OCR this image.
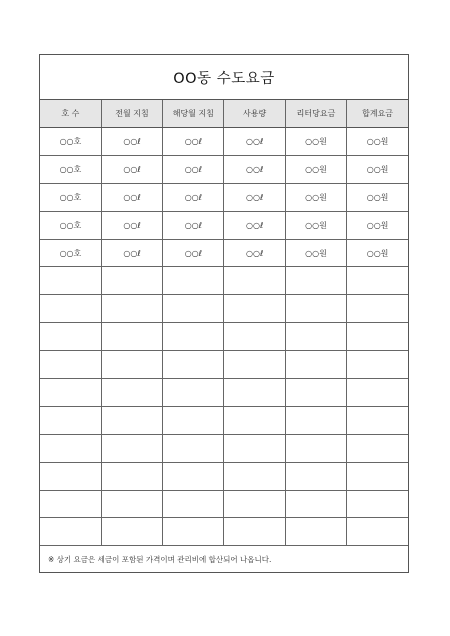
OO동 수도요금
호 수	전월 지침	해당월 지침	사용량	리터당요금	합계요금
○○호	○○ℓ	○○ℓ	○○ℓ	○○원	○○원
○○호	○○ℓ	○○ℓ	○○ℓ	○○원	○○원
○○호	○○ℓ	○○ℓ	○○ℓ	○○원	○○원
○○호	○○ℓ	○○ℓ	○○ℓ	○○원	○○원
○○호	○○ℓ	○○ℓ	○○ℓ	○○원	○○원

※ 상기 요금은 세금이 포함된 가격이며 관리비에 합산되어 나옵니다.					
